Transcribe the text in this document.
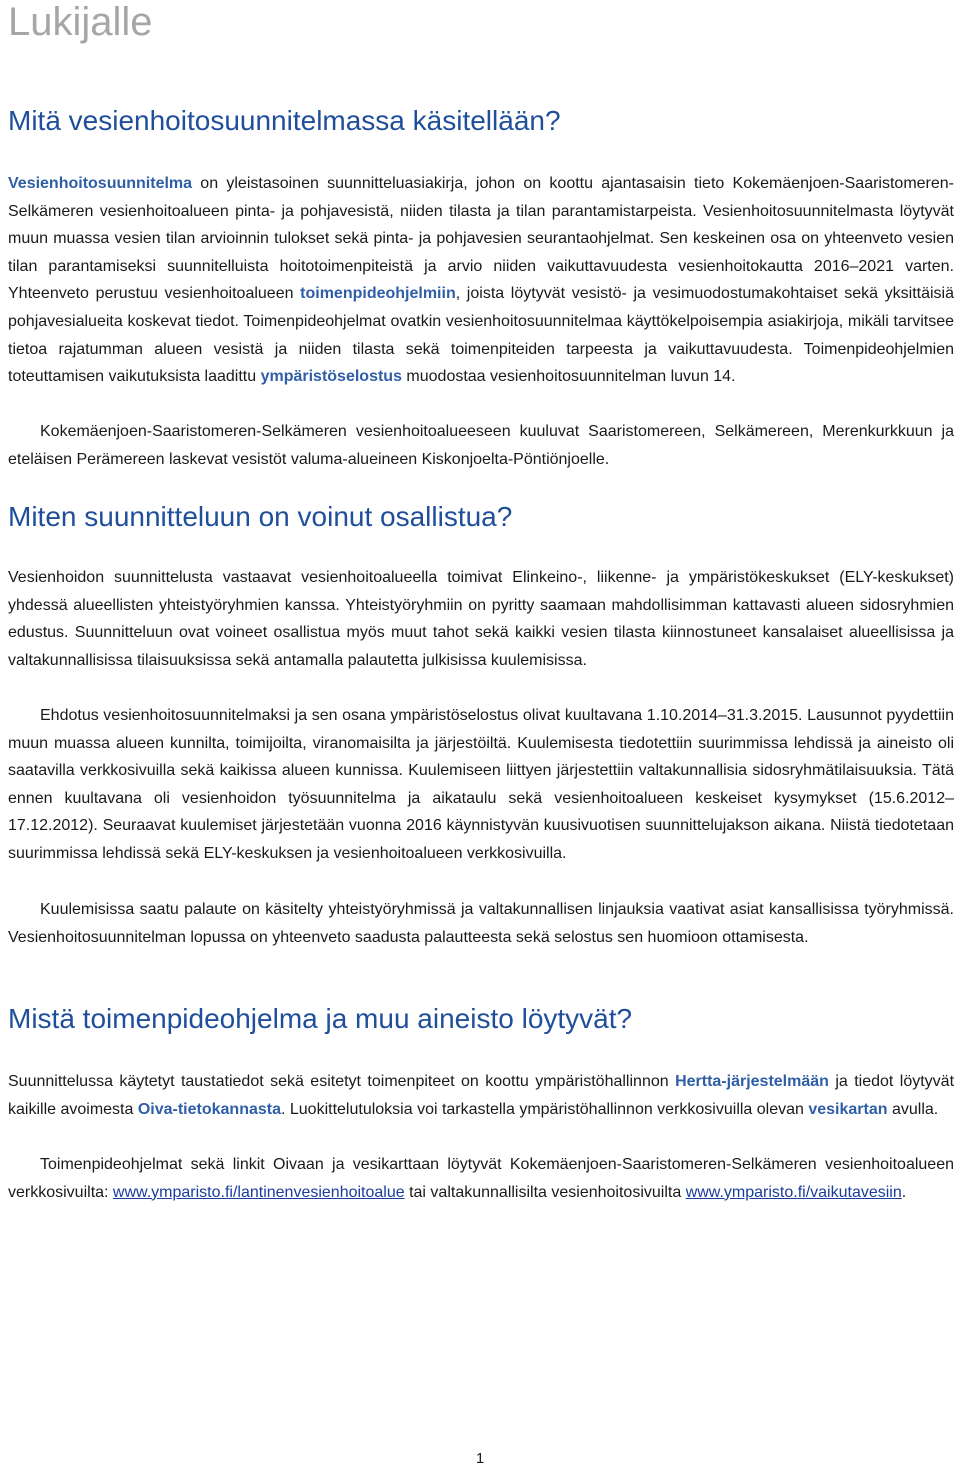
Lukijalle
Mitä vesienhoitosuunnitelmassa käsitellään?

Vesienhoitosuunnitelma on yleistasoinen suunnitteluasiakirja, johon on koottu ajantasaisin tieto Kokemäenjoen-Saaristomeren-Selkämeren vesienhoitoalueen pinta- ja pohjavesistä, niiden tilasta ja tilan parantamistarpeista. Vesienhoitosuunnitelmasta löytyvät muun muassa vesien tilan arvioinnin tulokset sekä pinta- ja pohjavesien seurantaohjelmat. Sen keskeinen osa on yhteenveto vesien tilan parantamiseksi suunnitelluista hoitotoimenpiteistä ja arvio niiden vaikuttavuudesta vesienhoitokautta 2016–2021 varten. Yhteenveto perustuu vesienhoitoalueen toimenpideohjelmiin, joista löytyvät vesistö- ja vesimuodostumakohtaiset sekä yksittäisiä pohjavesialueita koskevat tiedot. Toimenpideohjelmat ovatkin vesienhoitosuunnitelmaa käyttökelpoisempia asiakirjoja, mikäli tarvitsee tietoa rajatumman alueen vesistä ja niiden tilasta sekä toimenpiteiden tarpeesta ja vaikuttavuudesta. Toimenpideohjelmien toteuttamisen vaikutuksista laadittu ympäristöselostus muodostaa vesienhoitosuunnitelman luvun 14.

Kokemäenjoen-Saaristomeren-Selkämeren vesienhoitoalueeseen kuuluvat Saaristomereen, Selkämereen, Merenkurkkuun ja eteläisen Perämereen laskevat vesistöt valuma-alueineen Kiskonjoelta-Pöntiönjoelle.

Miten suunnitteluun on voinut osallistua?

Vesienhoidon suunnittelusta vastaavat vesienhoitoalueella toimivat Elinkeino-, liikenne- ja ympäristökeskukset (ELY-keskukset) yhdessä alueellisten yhteistyöryhmien kanssa. Yhteistyöryhmiin on pyritty saamaan mahdollisimman kattavasti alueen sidosryhmien edustus. Suunnitteluun ovat voineet osallistua myös muut tahot sekä kaikki vesien tilasta kiinnostuneet kansalaiset alueellisissa ja valtakunnallisissa tilaisuuksissa sekä antamalla palautetta julkisissa kuulemisissa.

Ehdotus vesienhoitosuunnitelmaksi ja sen osana ympäristöselostus olivat kuultavana 1.10.2014–31.3.2015. Lausunnot pyydettiin muun muassa alueen kunnilta, toimijoilta, viranomaisilta ja järjestöiltä. Kuulemisesta tiedotettiin suurimmissa lehdissä ja aineisto oli saatavilla verkkosivuilla sekä kaikissa alueen kunnissa. Kuulemiseen liittyen järjestettiin valtakunnallisia sidosryhmätilaisuuksia. Tätä ennen kuultavana oli vesienhoidon työsuunnitelma ja aikataulu sekä vesienhoitoalueen keskeiset kysymykset (15.6.2012–17.12.2012). Seuraavat kuulemiset järjestetään vuonna 2016 käynnistyvän kuusivuotisen suunnittelujakson aikana. Niistä tiedotetaan suurimmissa lehdissä sekä ELY-keskuksen ja vesienhoitoalueen verkkosivuilla.

Kuulemisissa saatu palaute on käsitelty yhteistyöryhmissä ja valtakunnallisen linjauksia vaativat asiat kansallisissa työryhmissä. Vesienhoitosuunnitelman lopussa on yhteenveto saadusta palautteesta sekä selostus sen huomioon ottamisesta.

Mistä toimenpideohjelma ja muu aineisto löytyvät?

Suunnittelussa käytetyt taustatiedot sekä esitetyt toimenpiteet on koottu ympäristöhallinnon Hertta-järjestelmään ja tiedot löytyvät kaikille avoimesta Oiva-tietokannasta. Luokittelutuloksia voi tarkastella ympäristöhallinnon verkkosivuilla olevan vesikartan avulla.

Toimenpideohjelmat sekä linkit Oivaan ja vesikarttaan löytyvät Kokemäenjoen-Saaristomeren-Selkämeren vesienhoitoalueen verkkosivuilta: www.ymparisto.fi/lantinenvesienhoitoalue tai valtakunnallisilta vesienhoitosivuilta www.ymparisto.fi/vaikutavesiin.

1
